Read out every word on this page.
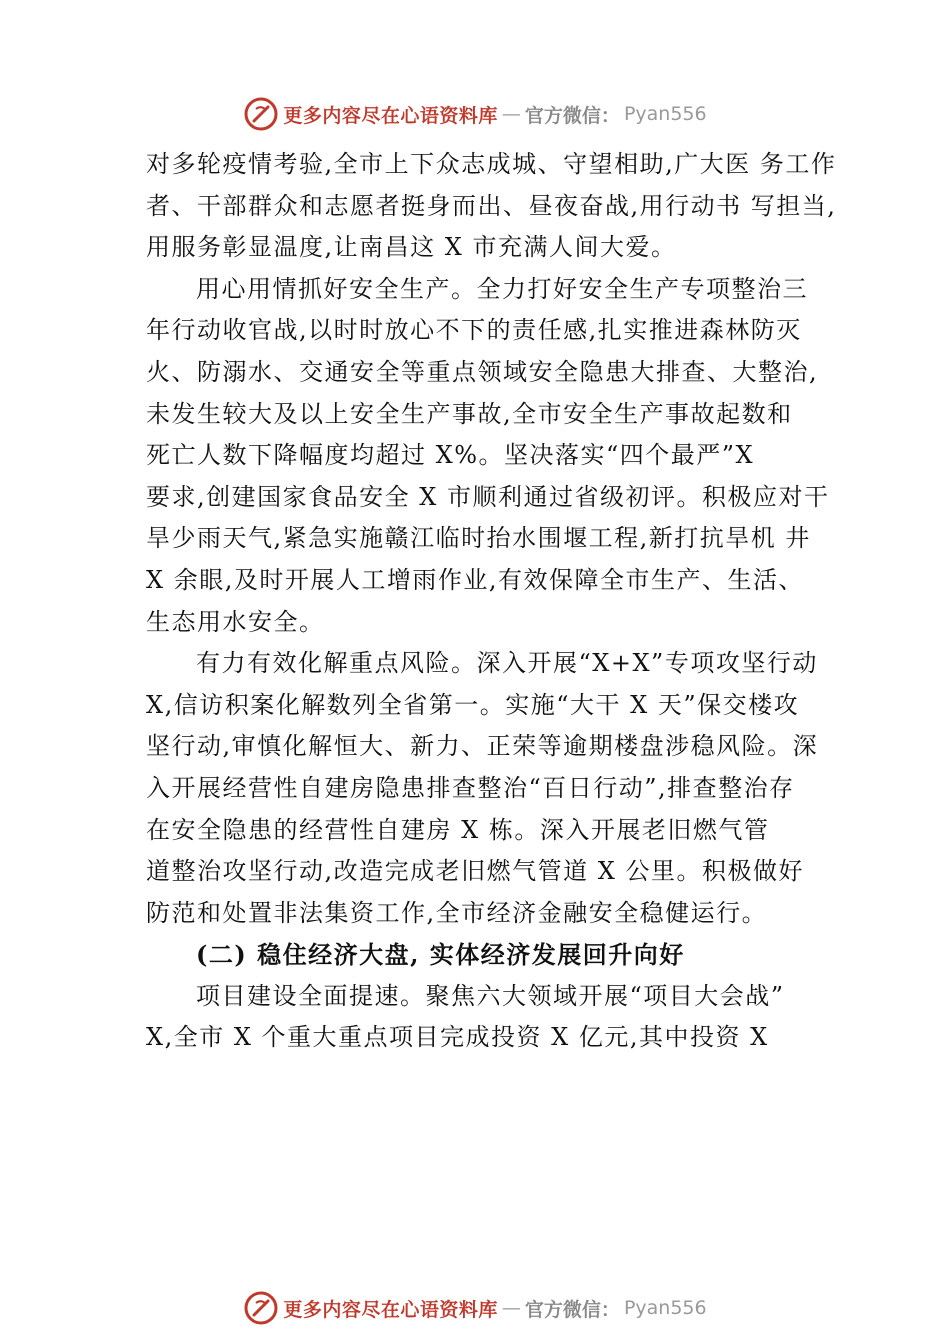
更多内容尽在心语资料库 — 官方微信： Pyan556
对多轮疫情考验,全市上下众志成城、守望相助,广大医 务工作
者、干部群众和志愿者挺身而出、昼夜奋战,用行动书 写担当,
用服务彰显温度,让南昌这 X 市充满人间大爱。
用心用情抓好安全生产。全力打好安全生产专项整治三
年行动收官战,以时时放心不下的责任感,扎实推进森林防灭
火、防溺水、交通安全等重点领域安全隐患大排查、大整治,
未发生较大及以上安全生产事故,全市安全生产事故起数和
死亡人数下降幅度均超过 X%。坚决落实“四个最严”X
要求,创建国家食品安全 X 市顺利通过省级初评。积极应对干
旱少雨天气,紧急实施赣江临时抬水围堰工程,新打抗旱机 井
X 余眼,及时开展人工增雨作业,有效保障全市生产、生活、
生态用水安全。
有力有效化解重点风险。深入开展“X+X”专项攻坚行动
X,信访积案化解数列全省第一。实施“大干 X 天”保交楼攻
坚行动,审慎化解恒大、新力、正荣等逾期楼盘涉稳风险。深
入开展经营性自建房隐患排查整治“百日行动”,排查整治存
在安全隐患的经营性自建房 X 栋。深入开展老旧燃气管
道整治攻坚行动,改造完成老旧燃气管道 X 公里。积极做好
防范和处置非法集资工作,全市经济金融安全稳健运行。
(二) 稳住经济大盘, 实体经济发展回升向好
项目建设全面提速。聚焦六大领域开展“项目大会战”
X,全市 X 个重大重点项目完成投资 X 亿元,其中投资 X
更多内容尽在心语资料库 — 官方微信： Pyan556
